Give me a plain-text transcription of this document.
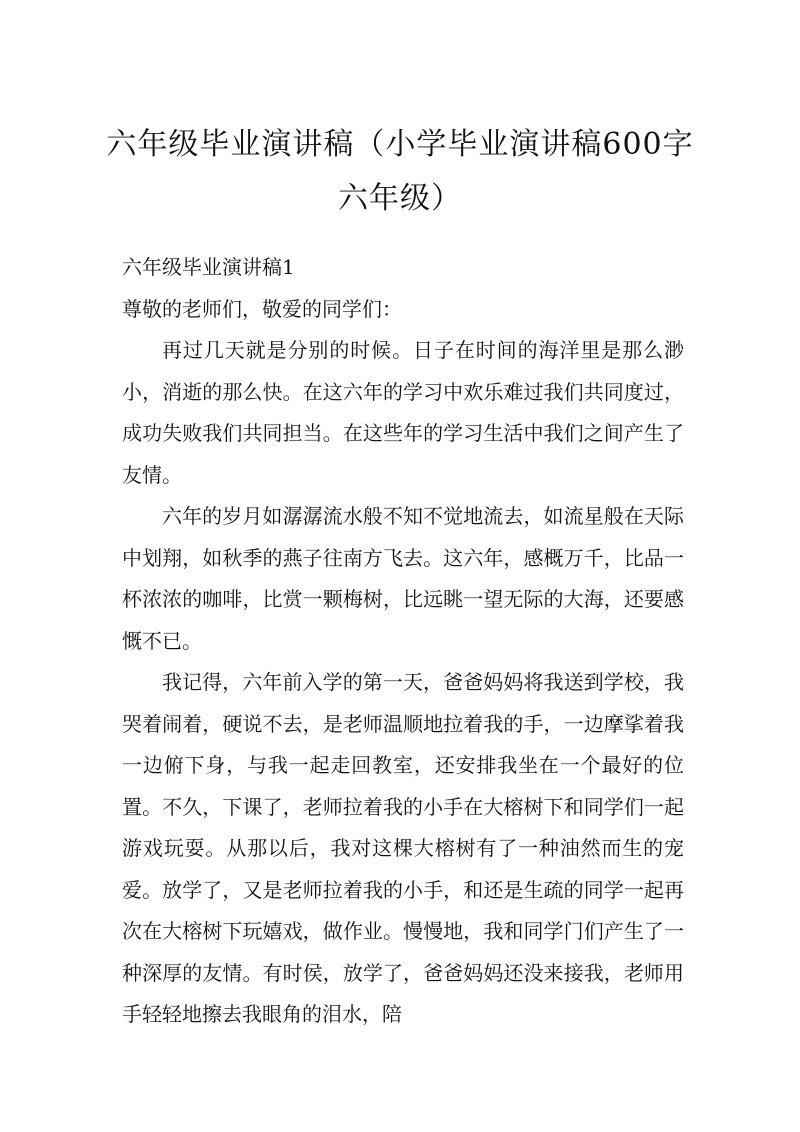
六年级毕业演讲稿（小学毕业演讲稿600字六年级）

六年级毕业演讲稿1

尊敬的老师们，敬爱的同学们：

再过几天就是分别的时候。日子在时间的海洋里是那么渺小，消逝的那么快。在这六年的学习中欢乐难过我们共同度过，成功失败我们共同担当。在这些年的学习生活中我们之间产生了友情。

六年的岁月如潺潺流水般不知不觉地流去，如流星般在天际中划翔，如秋季的燕子往南方飞去。这六年，感概万千，比品一杯浓浓的咖啡，比赏一颗梅树，比远眺一望无际的大海，还要感慨不已。

我记得，六年前入学的第一天，爸爸妈妈将我送到学校，我哭着闹着，硬说不去，是老师温顺地拉着我的手，一边摩挲着我一边俯下身，与我一起走回教室，还安排我坐在一个最好的位置。不久，下课了，老师拉着我的小手在大榕树下和同学们一起游戏玩耍。从那以后，我对这棵大榕树有了一种油然而生的宠爱。放学了，又是老师拉着我的小手，和还是生疏的同学一起再次在大榕树下玩嬉戏，做作业。慢慢地，我和同学门们产生了一种深厚的友情。有时侯，放学了，爸爸妈妈还没来接我，老师用手轻轻地擦去我眼角的泪水，陪
